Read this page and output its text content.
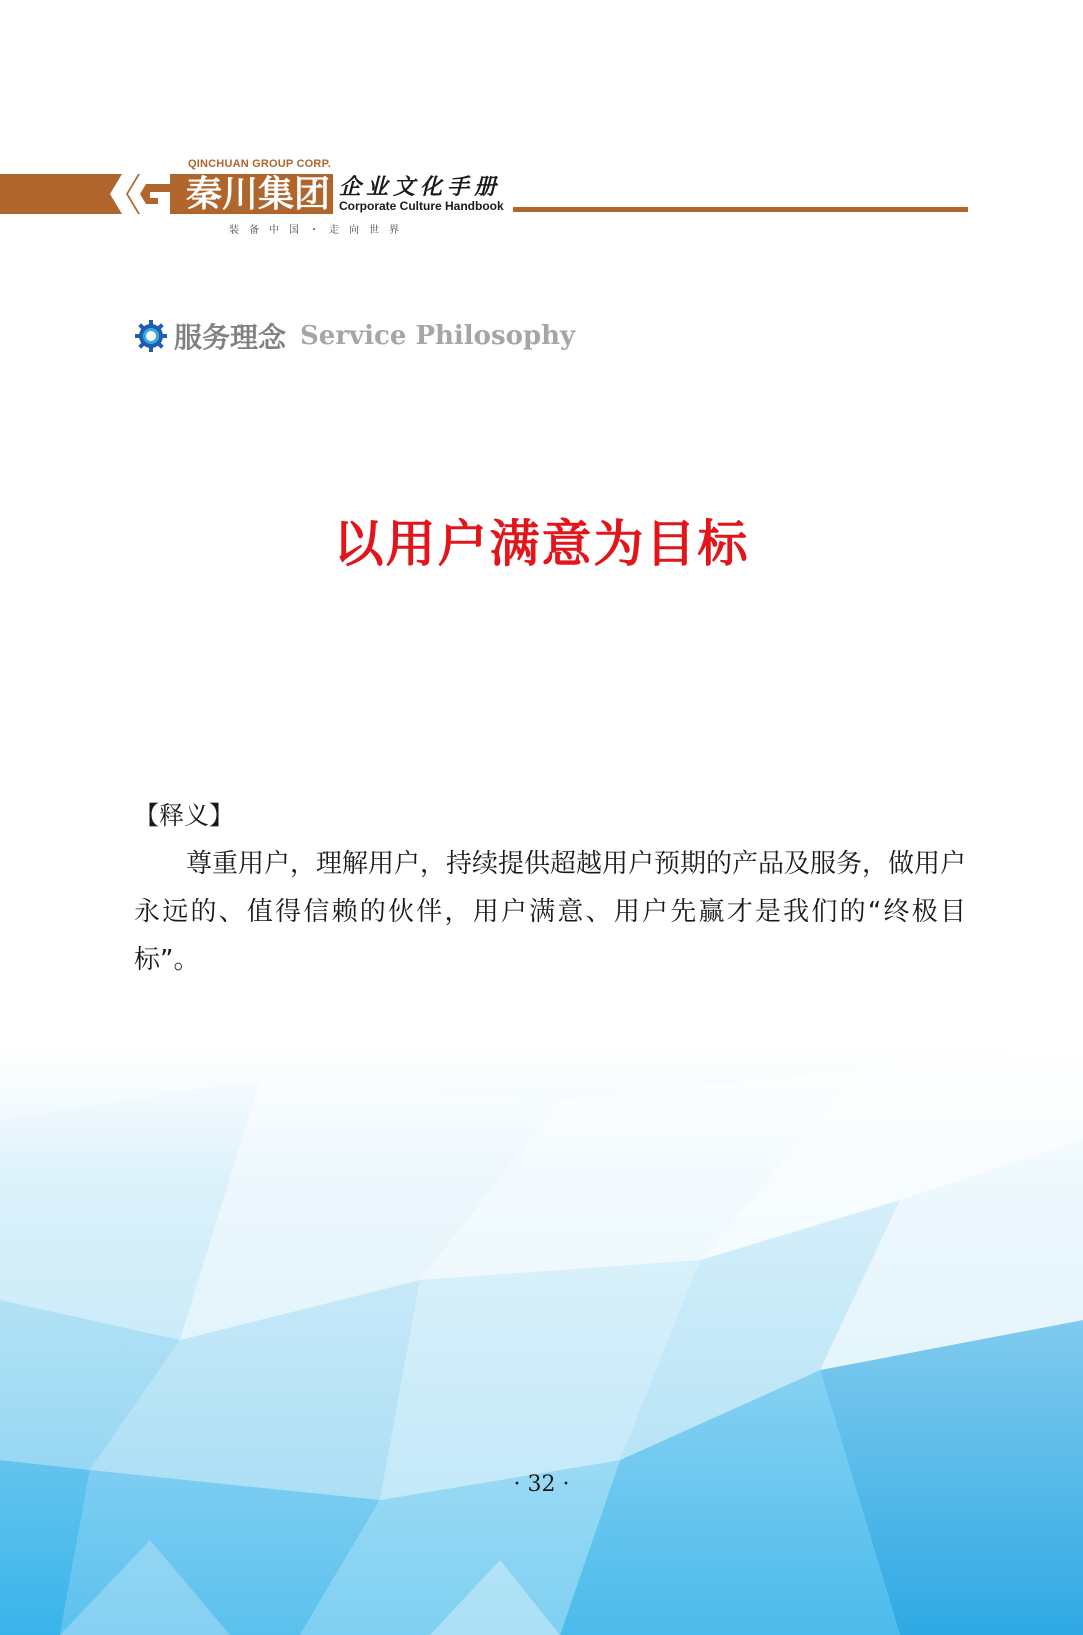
QINCHUAN GROUP CORP.
秦川集团 企业文化手册
Corporate Culture Handbook
装备中国・走向世界
服务理念 Service Philosophy
以用户满意为目标
【释义】

尊重用户，理解用户，持续提供超越用户预期的产品及服务，做用户永远的、值得信赖的伙伴，用户满意、用户先赢才是我们的“终极目标”。

· 32 ·
